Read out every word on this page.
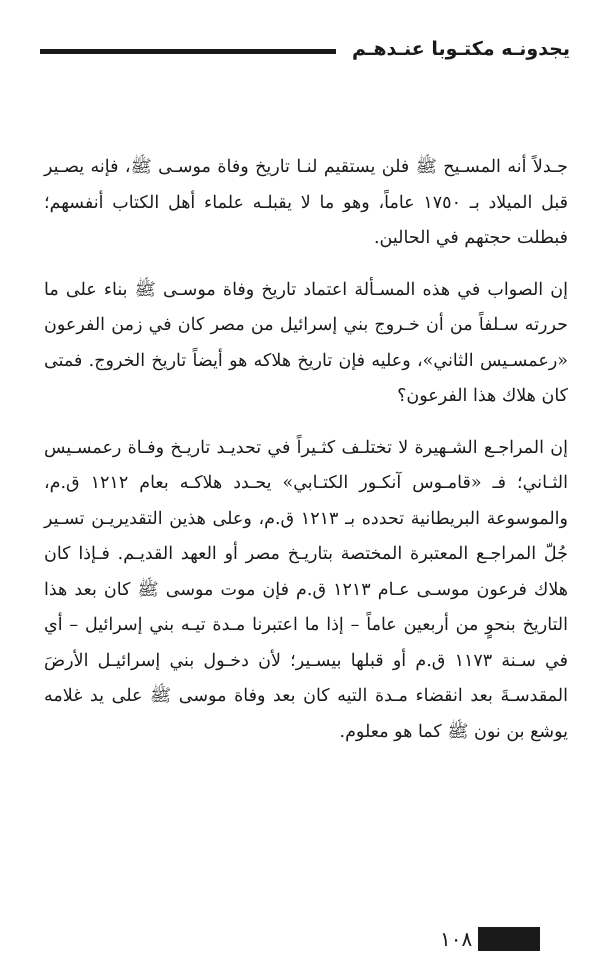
يجدونـه مكتـوبا عنـدهـم

جـدلاً أنه المسـيح ﷺ فلن يستقيم لنـا تاريخ وفاة موسـى ﷺ، فإنه يصـير قبل الميلاد بـ ١٧٥٠ عاماً، وهو ما لا يقبلـه علماء أهل الكتاب أنفسهم؛ فبطلت حجتهم في الحالين.

إن الصواب في هذه المسـألة اعتماد تاريخ وفاة موسـى ﷺ بناء على ما حررته سـلفاً من أن خـروج بني إسرائيل من مصر كان في زمن الفرعون «رعمسـيس الثاني»، وعليه فإن تاريخ هلاكه هو أيضاً تاريخ الخروج. فمتى كان هلاك هذا الفرعون؟

إن المراجـع الشـهيرة لا تختلـف كثـيراً في تحديـد تاريـخ وفـاة رعمسـيس الثـاني؛ فـ «قامـوس آنكـور الكتـابي» يحـدد هلاكـه بعام ١٢١٢ ق.م، والموسوعة البريطانية تحدده بـ ١٢١٣ ق.م، وعلى هذين التقديريـن تسـير جُلّ المراجـع المعتبرة المختصة بتاريـخ مصر أو العهد القديـم. فـإذا كان هلاك فرعون موسـى عـام ١٢١٣ ق.م فإن موت موسى ﷺ كان بعد هذا التاريخ بنحوٍ من أربعين عاماً – إذا ما اعتبرنا مـدة تيـه بني إسرائيل – أي في سـنة ١١٧٣ ق.م أو قبلها بيسـير؛ لأن دخـول بني إسرائيـل الأرضَ المقدسـةَ بعد انقضاء مـدة التيه كان بعد وفاة موسى ﷺ على يد غلامه يوشع بن نون ﷺ كما هو معلوم.

١٠٨
